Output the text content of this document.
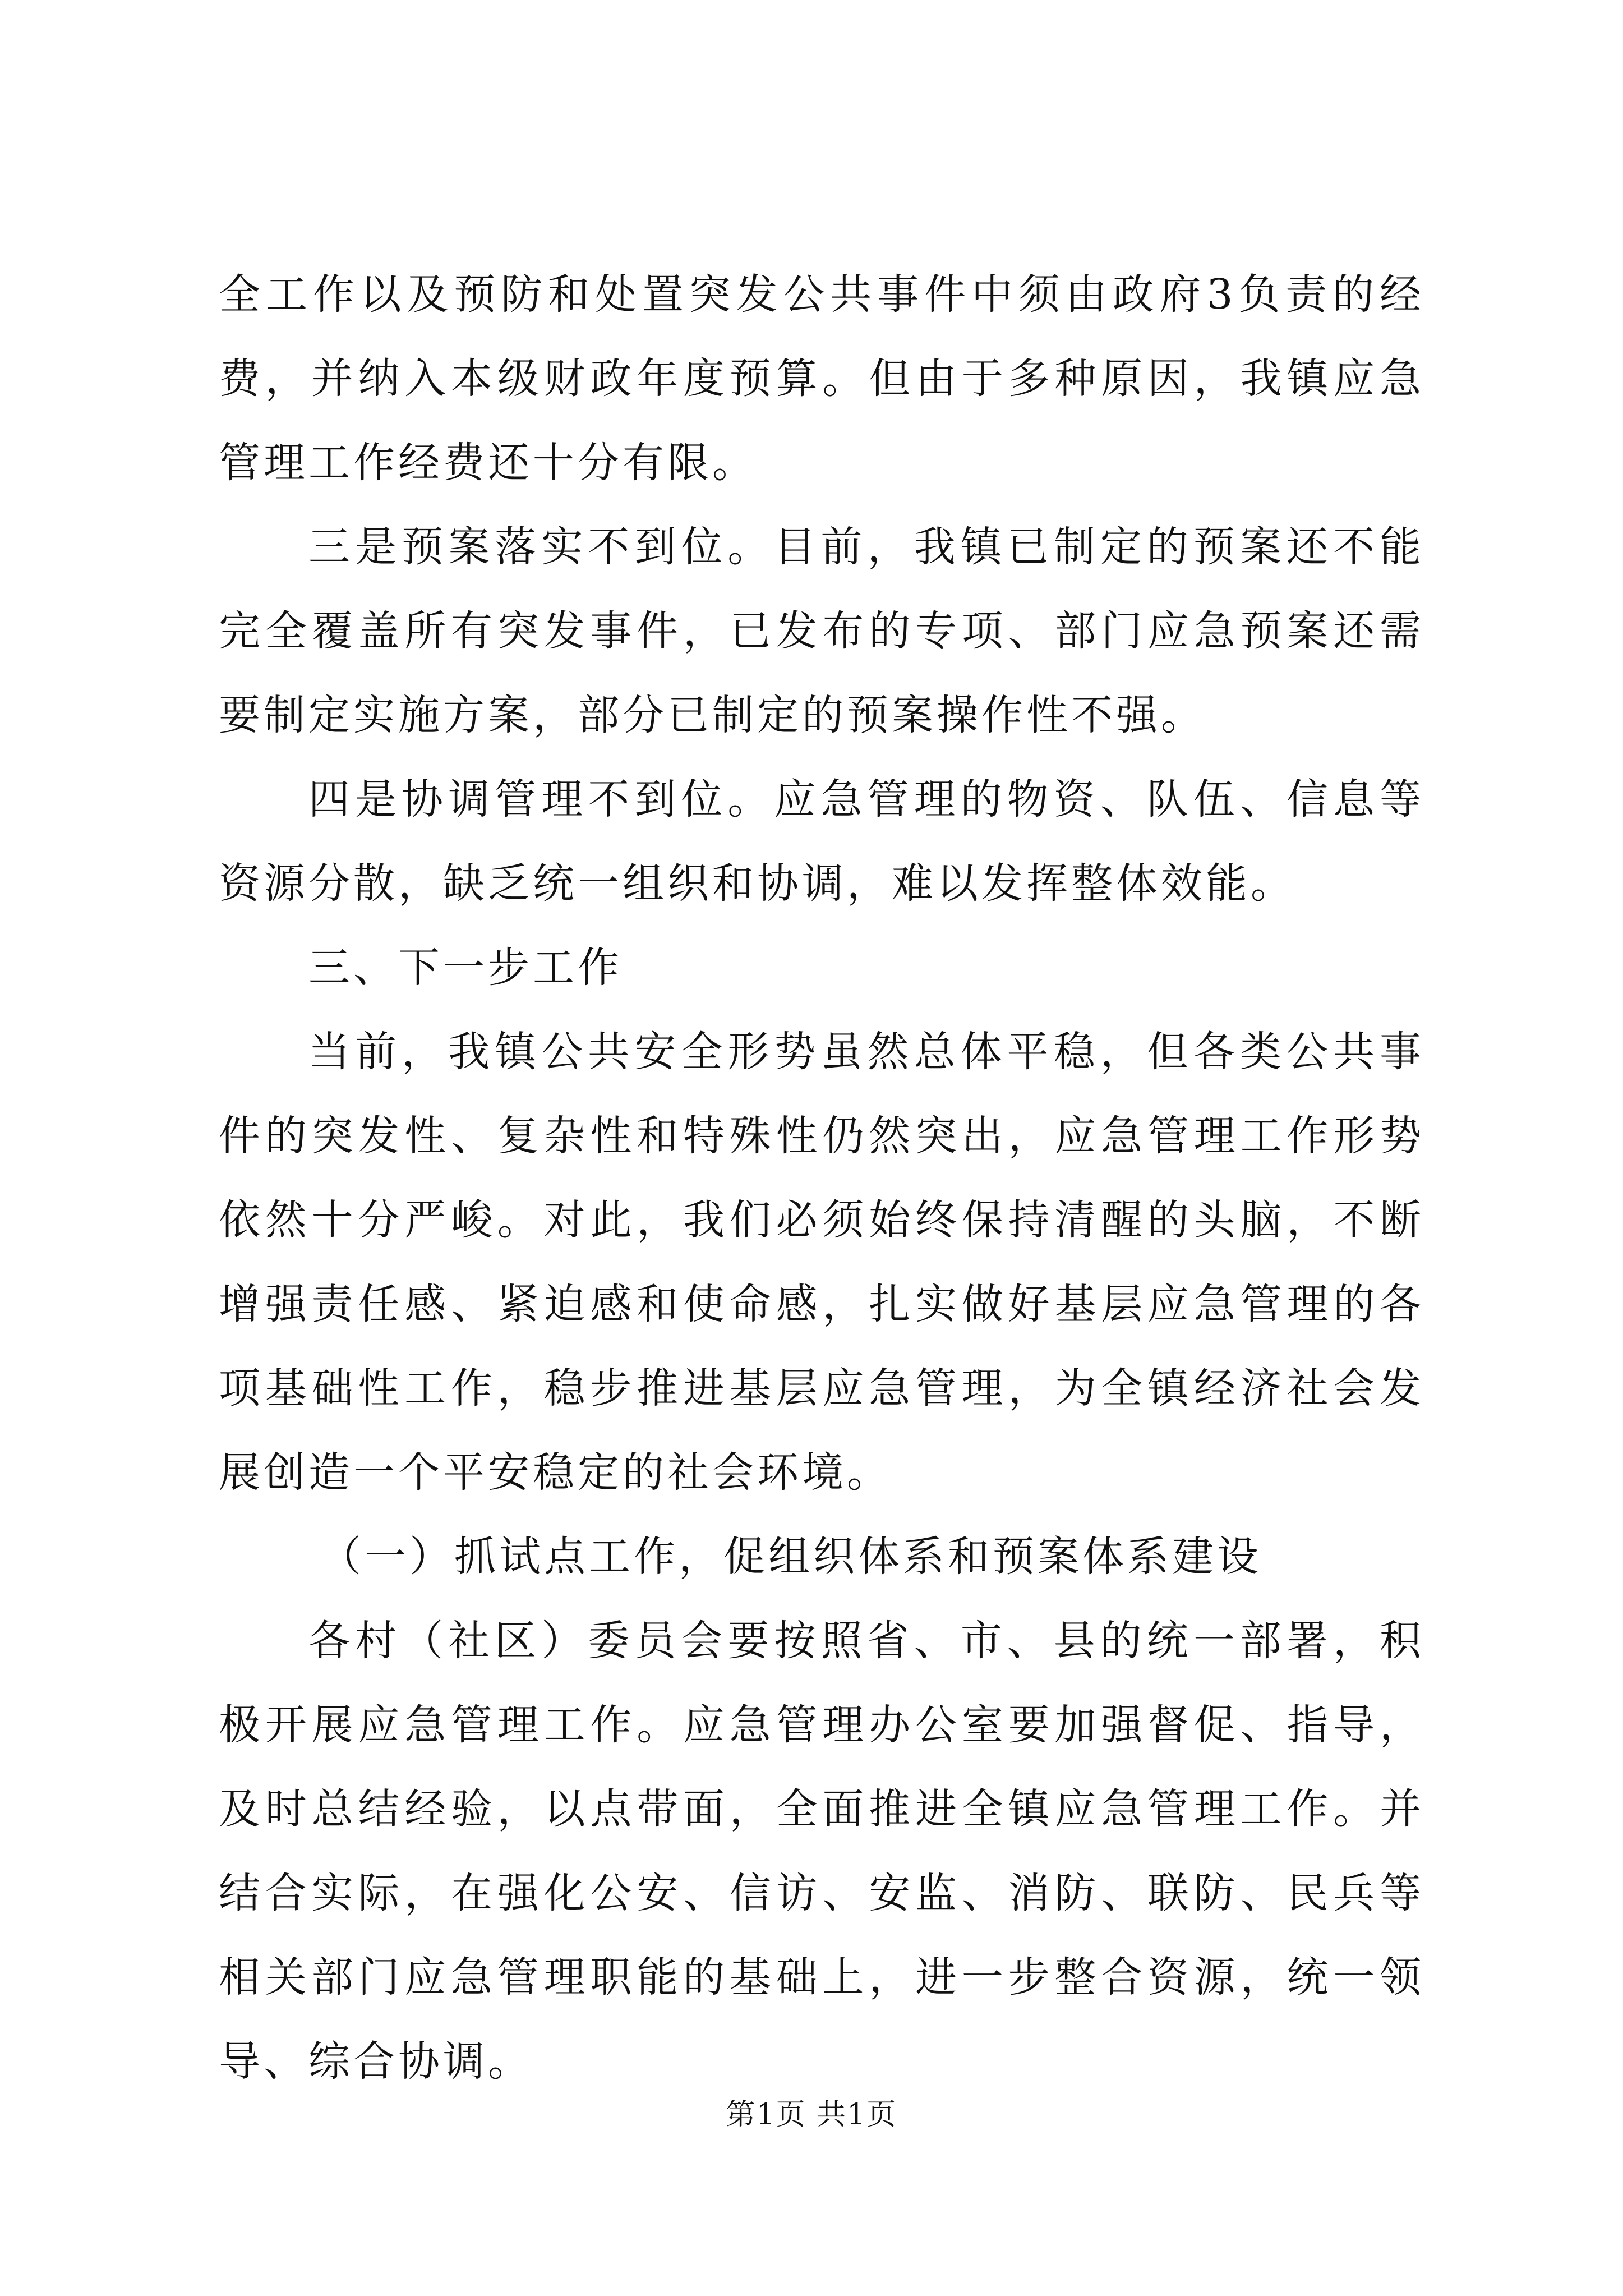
全工作以及预防和处置突发公共事件中须由政府3负责的经费，并纳入本级财政年度预算。但由于多种原因，我镇应急管理工作经费还十分有限。

三是预案落实不到位。目前，我镇已制定的预案还不能完全覆盖所有突发事件，已发布的专项、部门应急预案还需要制定实施方案，部分已制定的预案操作性不强。

四是协调管理不到位。应急管理的物资、队伍、信息等资源分散，缺乏统一组织和协调，难以发挥整体效能。

三、下一步工作

当前，我镇公共安全形势虽然总体平稳，但各类公共事件的突发性、复杂性和特殊性仍然突出，应急管理工作形势依然十分严峻。对此，我们必须始终保持清醒的头脑，不断增强责任感、紧迫感和使命感，扎实做好基层应急管理的各项基础性工作，稳步推进基层应急管理，为全镇经济社会发展创造一个平安稳定的社会环境。

（一）抓试点工作，促组织体系和预案体系建设

各村（社区）委员会要按照省、市、县的统一部署，积极开展应急管理工作。应急管理办公室要加强督促、指导，及时总结经验，以点带面，全面推进全镇应急管理工作。并结合实际，在强化公安、信访、安监、消防、联防、民兵等相关部门应急管理职能的基础上，进一步整合资源，统一领导、综合协调。

第1页 共1页
